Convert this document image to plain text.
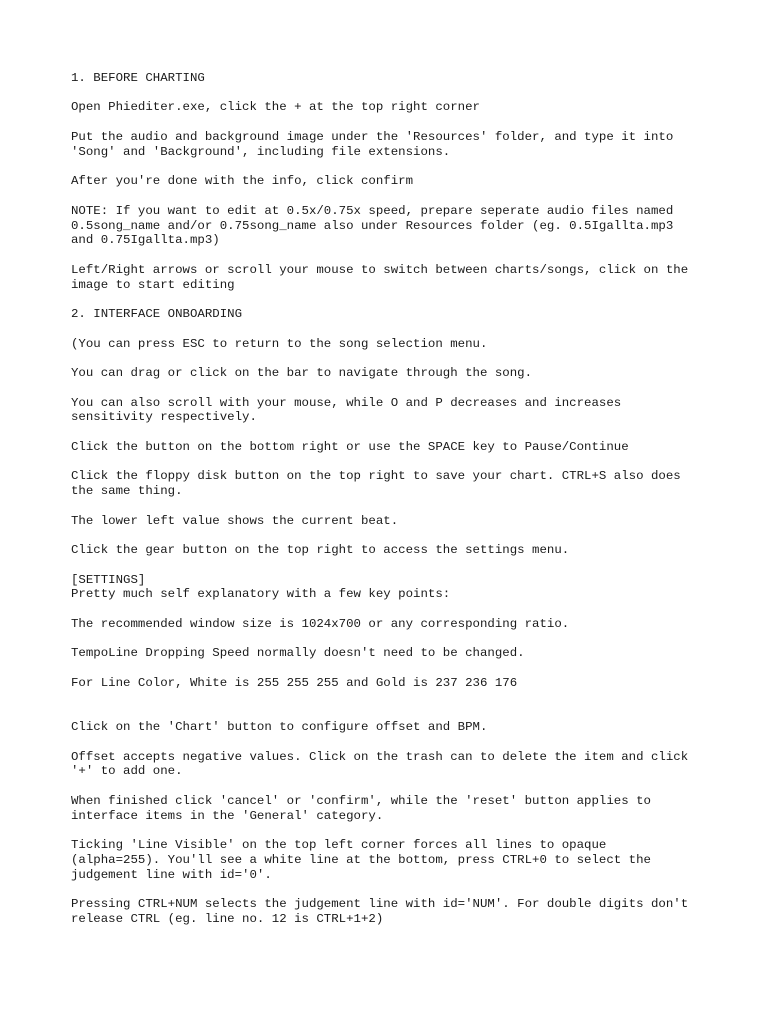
1. BEFORE CHARTING
Open Phiediter.exe, click the + at the top right corner
Put the audio and background image under the 'Resources' folder, and type it into
'Song' and 'Background', including file extensions.
After you're done with the info, click confirm
NOTE: If you want to edit at 0.5x/0.75x speed, prepare seperate audio files named
0.5song_name and/or 0.75song_name also under Resources folder (eg. 0.5Igallta.mp3
and 0.75Igallta.mp3)
Left/Right arrows or scroll your mouse to switch between charts/songs, click on the
image to start editing
2. INTERFACE ONBOARDING
(You can press ESC to return to the song selection menu.
You can drag or click on the bar to navigate through the song.
You can also scroll with your mouse, while O and P decreases and increases
sensitivity respectively.
Click the button on the bottom right or use the SPACE key to Pause/Continue
Click the floppy disk button on the top right to save your chart. CTRL+S also does
the same thing.
The lower left value shows the current beat.
Click the gear button on the top right to access the settings menu.
[SETTINGS]
Pretty much self explanatory with a few key points:
The recommended window size is 1024x700 or any corresponding ratio.
TempoLine Dropping Speed normally doesn't need to be changed.
For Line Color, White is 255 255 255 and Gold is 237 236 176
Click on the 'Chart' button to configure offset and BPM.
Offset accepts negative values. Click on the trash can to delete the item and click
'+' to add one.
When finished click 'cancel' or 'confirm', while the 'reset' button applies to
interface items in the 'General' category.
Ticking 'Line Visible' on the top left corner forces all lines to opaque
(alpha=255). You'll see a white line at the bottom, press CTRL+0 to select the
judgement line with id='0'.
Pressing CTRL+NUM selects the judgement line with id='NUM'. For double digits don't
release CTRL (eg. line no. 12 is CTRL+1+2)
